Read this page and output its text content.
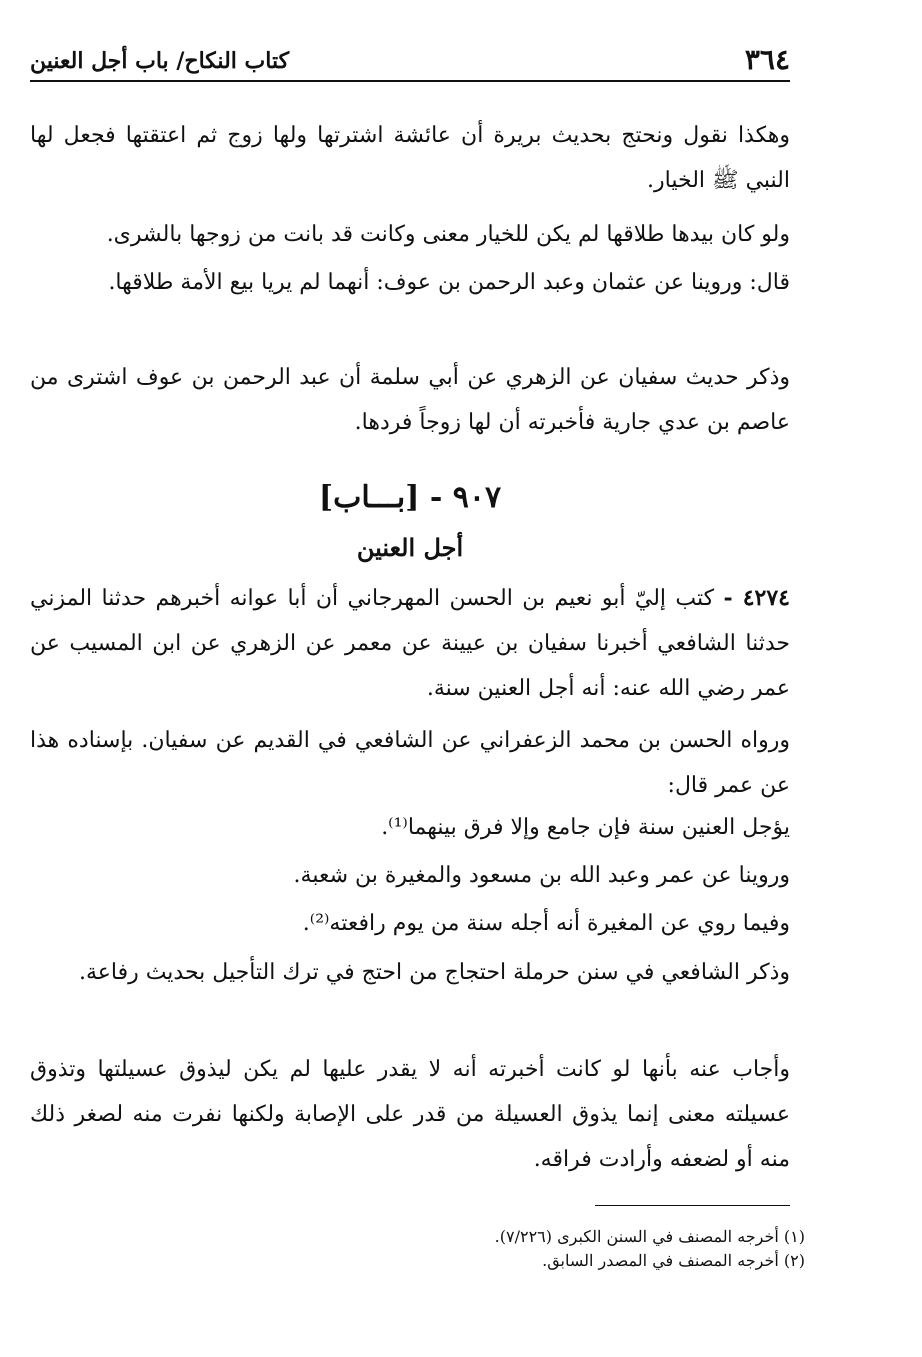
٣٦٤
كتاب النكاح/ باب أجل العنين

وهكذا نقول ونحتج بحديث بريرة أن عائشة اشترتها ولها زوج ثم اعتقتها فجعل لها النبي ﷺ الخيار.

ولو كان بيدها طلاقها لم يكن للخيار معنى وكانت قد بانت من زوجها بالشرى.

قال: وروينا عن عثمان وعبد الرحمن بن عوف: أنهما لم يريا بيع الأمة طلاقها.

وذكر حديث سفيان عن الزهري عن أبي سلمة أن عبد الرحمن بن عوف اشترى من عاصم بن عدي جارية فأخبرته أن لها زوجاً فردها.

٩٠٧ - [بـــاب]
أجل العنين

٤٢٧٤ - كتب إليّ أبو نعيم بن الحسن المهرجاني أن أبا عوانه أخبرهم حدثنا المزني حدثنا الشافعي أخبرنا سفيان بن عيينة عن معمر عن الزهري عن ابن المسيب عن عمر رضي الله عنه: أنه أجل العنين سنة.

ورواه الحسن بن محمد الزعفراني عن الشافعي في القديم عن سفيان. بإسناده هذا عن عمر قال:

يؤجل العنين سنة فإن جامع وإلا فرق بينهما⁽¹⁾.

وروينا عن عمر وعبد الله بن مسعود والمغيرة بن شعبة.

وفيما روي عن المغيرة أنه أجله سنة من يوم رافعته⁽²⁾.

وذكر الشافعي في سنن حرملة احتجاج من احتج في ترك التأجيل بحديث رفاعة.

وأجاب عنه بأنها لو كانت أخبرته أنه لا يقدر عليها لم يكن ليذوق عسيلتها وتذوق عسيلته معنى إنما يذوق العسيلة من قدر على الإصابة ولكنها نفرت منه لصغر ذلك منه أو لضعفه وأرادت فراقه.

(١) أخرجه المصنف في السنن الكبرى (٧/٢٢٦).

(٢) أخرجه المصنف في المصدر السابق.
